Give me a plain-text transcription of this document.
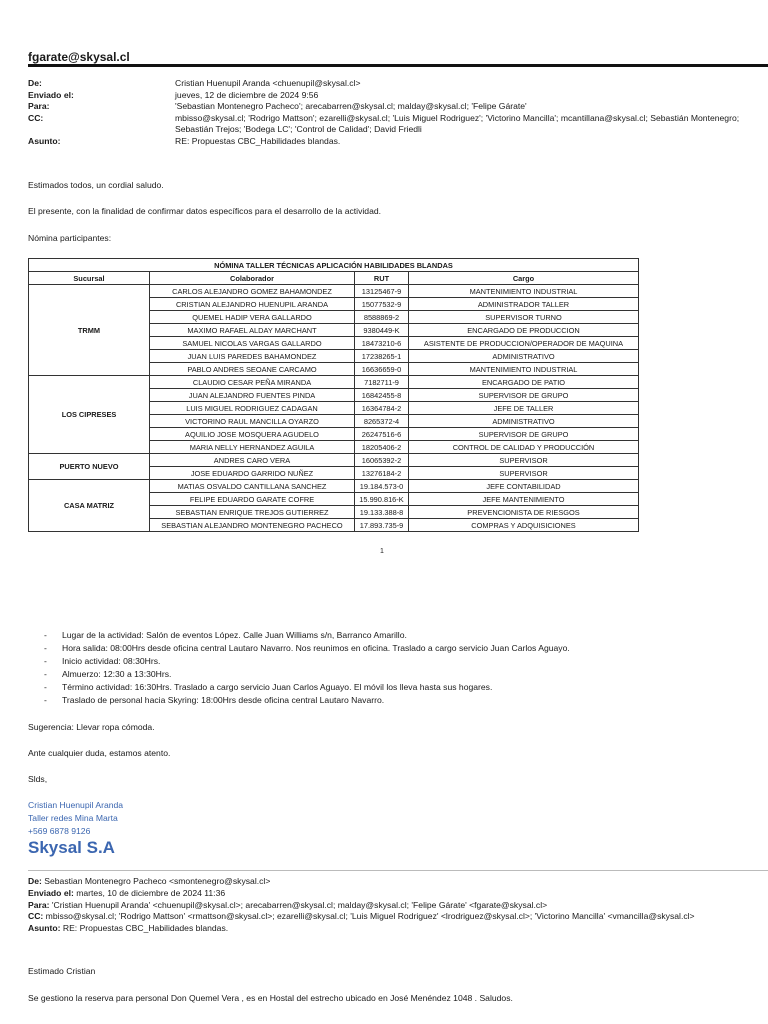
fgarate@skysal.cl
De:	Cristian Huenupil Aranda <chuenupil@skysal.cl>
Enviado el:	jueves, 12 de diciembre de 2024 9:56
Para:	'Sebastian Montenegro Pacheco'; arecabarren@skysal.cl; malday@skysal.cl; 'Felipe Gárate'
CC:	mbisso@skysal.cl; 'Rodrigo Mattson'; ezarelli@skysal.cl; 'Luis Miguel Rodriguez'; 'Victorino Mancilla'; mcantillana@skysal.cl; Sebastián Montenegro; Sebastián Trejos; 'Bodega LC'; 'Control de Calidad'; David Friedli
Asunto:	RE: Propuestas CBC_Habilidades blandas.
Estimados todos, un cordial saludo.
El presente, con la finalidad de confirmar datos específicos para el desarrollo de la actividad.
Nómina participantes:
NÓMINA TALLER TÉCNICAS APLICACIÓN HABILIDADES BLANDAS			
Sucursal	Colaborador	RUT	Cargo
TRMM	CARLOS ALEJANDRO GOMEZ BAHAMONDEZ	13125467-9	MANTENIMIENTO INDUSTRIAL
	CRISTIAN ALEJANDRO HUENUPIL ARANDA	15077532-9	ADMINISTRADOR TALLER
	QUEMEL HADIP VERA GALLARDO	8588869-2	SUPERVISOR TURNO
	MAXIMO RAFAEL ALDAY MARCHANT	9380449-K	ENCARGADO DE PRODUCCION
	SAMUEL NICOLAS VARGAS GALLARDO	18473210-6	ASISTENTE DE PRODUCCION/OPERADOR DE MAQUINA
	JUAN LUIS PAREDES BAHAMONDEZ	17238265-1	ADMINISTRATIVO
	PABLO ANDRES SEOANE CARCAMO	16636659-0	MANTENIMIENTO INDUSTRIAL
LOS CIPRESES	CLAUDIO CESAR PEÑA MIRANDA	7182711-9	ENCARGADO DE PATIO
	JUAN ALEJANDRO FUENTES PINDA	16842455-8	SUPERVISOR DE GRUPO
	LUIS MIGUEL RODRIGUEZ CADAGAN	16364784-2	JEFE DE TALLER
	VICTORINO RAUL MANCILLA OYARZO	8265372-4	ADMINISTRATIVO
	AQUILIO JOSE MOSQUERA AGUDELO	26247516-6	SUPERVISOR DE GRUPO
	MARIA NELLY HERNANDEZ AGUILA	18205406-2	CONTROL DE CALIDAD Y PRODUCCIÓN
PUERTO NUEVO	ANDRES CARO VERA	16065392-2	SUPERVISOR
	JOSE EDUARDO GARRIDO NUÑEZ	13276184-2	SUPERVISOR
CASA MATRIZ	MATIAS OSVALDO CANTILLANA SANCHEZ	19.184.573-0	JEFE CONTABILIDAD
	FELIPE EDUARDO GARATE COFRE	15.990.816-K	JEFE MANTENIMIENTO
	SEBASTIAN ENRIQUE TREJOS GUTIERREZ	19.133.388-8	PREVENCIONISTA DE RIESGOS
	SEBASTIAN ALEJANDRO MONTENEGRO PACHECO	17.893.735-9	COMPRAS Y ADQUISICIONES
1
-	Lugar de la actividad: Salón de eventos López. Calle Juan Williams s/n, Barranco Amarillo.
-	Hora salida: 08:00Hrs desde oficina central Lautaro Navarro. Nos reunimos en oficina. Traslado a cargo servicio Juan Carlos Aguayo.
-	Inicio actividad: 08:30Hrs.
-	Almuerzo: 12:30 a 13:30Hrs.
-	Término actividad: 16:30Hrs. Traslado a cargo servicio Juan Carlos Aguayo. El móvil los lleva hasta sus hogares.
-	Traslado de personal hacia Skyring: 18:00Hrs desde oficina central Lautaro Navarro.
Sugerencia: Llevar ropa cómoda.
Ante cualquier duda, estamos atento.
Slds,
Cristian Huenupil Aranda
Taller redes Mina Marta
+569 6878 9126
Skysal S.A
De: Sebastian Montenegro Pacheco <smontenegro@skysal.cl>
Enviado el: martes, 10 de diciembre de 2024 11:36
Para: 'Cristian Huenupil Aranda' <chuenupil@skysal.cl>; arecabarren@skysal.cl; malday@skysal.cl; 'Felipe Gárate' <fgarate@skysal.cl>
CC: mbisso@skysal.cl; 'Rodrigo Mattson' <rmattson@skysal.cl>; ezarelli@skysal.cl; 'Luis Miguel Rodriguez' <lrodriguez@skysal.cl>; 'Victorino Mancilla' <vmancilla@skysal.cl>
Asunto: RE: Propuestas CBC_Habilidades blandas.
Estimado Cristian
Se gestiono la reserva para personal Don Quemel Vera , es en Hostal del estrecho ubicado en José Menéndez 1048 . Saludos.
